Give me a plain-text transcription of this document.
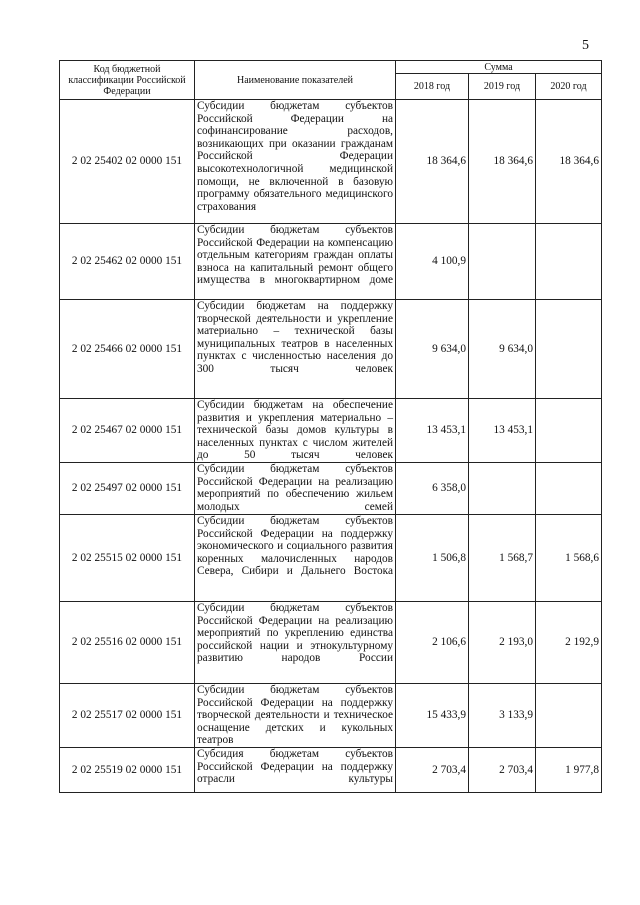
5
Код бюджетной классификации Российской Федерации	Наименование показателей	Сумма		
		2018 год	2019 год	2020 год
2 02 25402 02 0000 151	Субсидии бюджетам субъектов Российской Федерации на софинансирование расходов, возникающих при оказании гражданам Российской Федерации высокотехнологичной медицинской помощи, не включенной в базовую программу обязательного медицинского страхования	18 364,6	18 364,6	18 364,6
2 02 25462 02 0000 151	Субсидии бюджетам субъектов Российской Федерации на компенсацию отдельным категориям граждан оплаты взноса на капитальный ремонт общего имущества в многоквартирном доме	4 100,9		
2 02 25466 02 0000 151	Субсидии бюджетам на поддержку творческой деятельности и укрепление материально – технической базы муниципальных театров в населенных пунктах с численностью населения до 300 тысяч человек	9 634,0	9 634,0	
2 02 25467 02 0000 151	Субсидии бюджетам на обеспечение развития и укрепления материально – технической базы домов культуры в населенных пунктах с числом жителей до 50 тысяч человек	13 453,1	13 453,1	
2 02 25497 02 0000 151	Субсидии бюджетам субъектов Российской Федерации на реализацию мероприятий по обеспечению жильем молодых семей	6 358,0		
2 02 25515 02 0000 151	Субсидии бюджетам субъектов Российской Федерации на поддержку экономического и социального развития коренных малочисленных народов Севера, Сибири и Дальнего Востока	1 506,8	1 568,7	1 568,6
2 02 25516 02 0000 151	Субсидии бюджетам субъектов Российской Федерации на реализацию мероприятий по укреплению единства российской нации и этнокультурному развитию народов России	2 106,6	2 193,0	2 192,9
2 02 25517 02 0000 151	Субсидии бюджетам субъектов Российской Федерации на поддержку творческой деятельности и техническое оснащение детских и кукольных театров	15 433,9	3 133,9	
2 02 25519 02 0000 151	Субсидия бюджетам субъектов Российской Федерации на поддержку отрасли культуры	2 703,4	2 703,4	1 977,8
